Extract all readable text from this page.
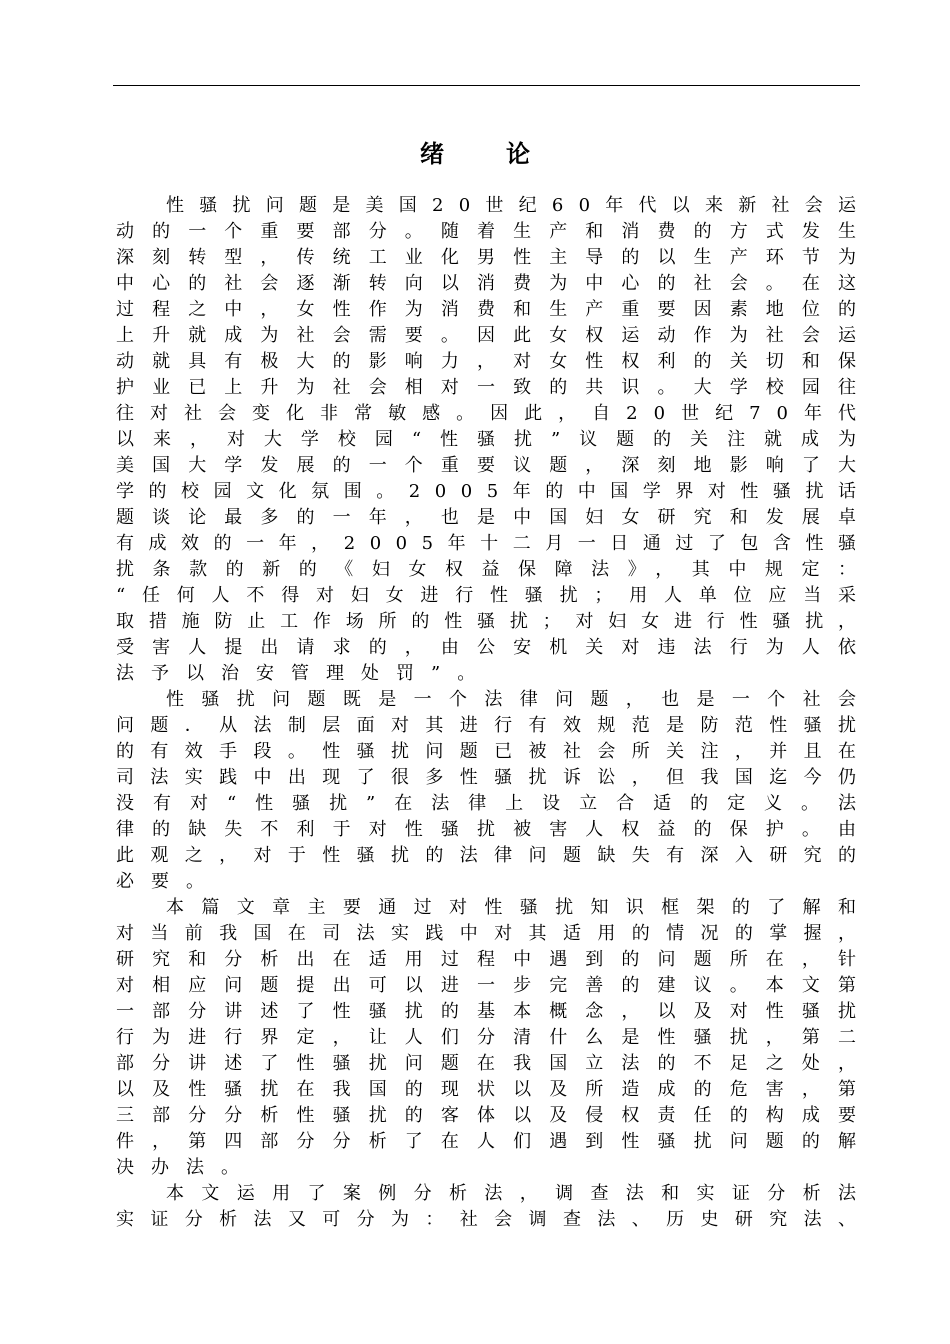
绪论
性骚扰问题是美国20世纪60年代以来新社会运
动的一个重要部分。随着生产和消费的方式发生
深刻转型，传统工业化男性主导的以生产环节为
中心的社会逐渐转向以消费为中心的社会。在这
过程之中，女性作为消费和生产重要因素地位的
上升就成为社会需要。因此女权运动作为社会运
动就具有极大的影响力，对女性权利的关切和保
护业已上升为社会相对一致的共识。大学校园往
往对社会变化非常敏感。因此，自20世纪70年代
以来，对大学校园“性骚扰”议题的关注就成为
美国大学发展的一个重要议题，深刻地影响了大
学的校园文化氛围。2005年的中国学界对性骚扰话
题谈论最多的一年，也是中国妇女研究和发展卓
有成效的一年，2005年十二月一日通过了包含性骚
扰条款的新的《妇女权益保障法》，其中规定：
“任何人不得对妇女进行性骚扰；用人单位应当采
取措施防止工作场所的性骚扰；对妇女进行性骚扰，
受害人提出请求的，由公安机关对违法行为人依
法予以治安管理处罚”。
性骚扰问题既是一个法律问题，也是一个社会
问题．从法制层面对其进行有效规范是防范性骚扰
的有效手段。性骚扰问题已被社会所关注，并且在
司法实践中出现了很多性骚扰诉讼，但我国迄今仍
没有对“性骚扰”在法律上设立合适的定义。法
律的缺失不利于对性骚扰被害人权益的保护。由
此观之，对于性骚扰的法律问题缺失有深入研究的
必要。
本篇文章主要通过对性骚扰知识框架的了解和
对当前我国在司法实践中对其适用的情况的掌握，
研究和分析出在适用过程中遇到的问题所在，针
对相应问题提出可以进一步完善的建议。本文第
一部分讲述了性骚扰的基本概念，以及对性骚扰
行为进行界定，让人们分清什么是性骚扰，第二
部分讲述了性骚扰问题在我国立法的不足之处，
以及性骚扰在我国的现状以及所造成的危害，第
三部分分析性骚扰的客体以及侵权责任的构成要
件，第四部分分析了在人们遇到性骚扰问题的解
决办法。
本文运用了案例分析法，调查法和实证分析法
实证分析法又可分为：社会调查法、历史研究法、
